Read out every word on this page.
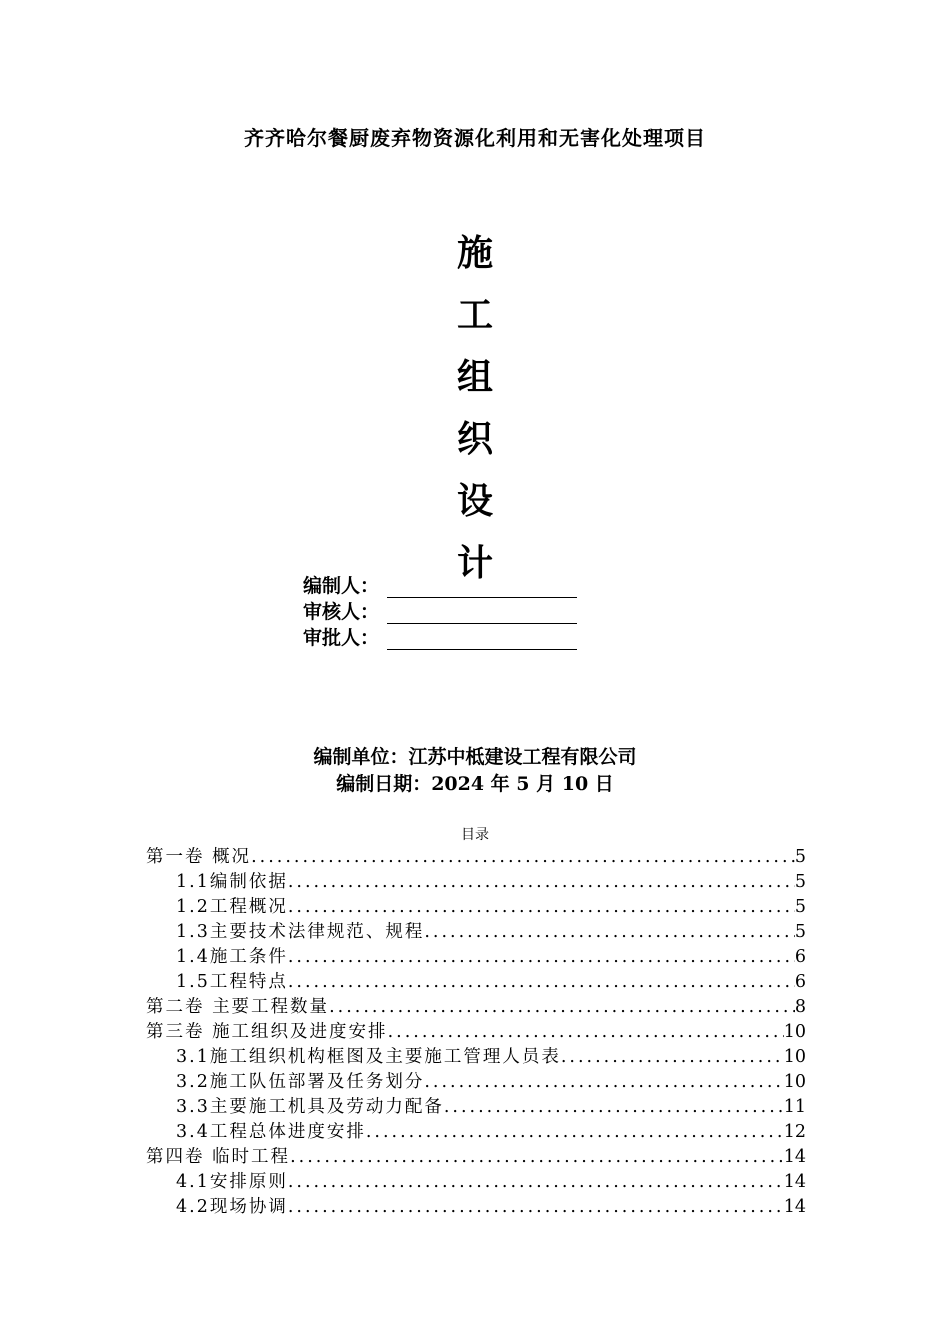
齐齐哈尔餐厨废弃物资源化利用和无害化处理项目
施
工
组
织
设
计
编制人：
审核人：
审批人：
编制单位：江苏中柢建设工程有限公司
编制日期：2024 年 5 月 10 日
目录
第一卷 概况 .....	5
1.1编制依据 .....	5
1.2工程概况 .....	5
1.3主要技术法律规范、规程 .....	5
1.4施工条件 .....	6
1.5工程特点 .....	6
第二卷 主要工程数量 .....	8
第三卷 施工组织及进度安排 .....	10
3.1施工组织机构框图及主要施工管理人员表 .....	10
3.2施工队伍部署及任务划分 .....	10
3.3主要施工机具及劳动力配备 .....	11
3.4工程总体进度安排 .....	12
第四卷 临时工程 .....	14
4.1安排原则 .....	14
4.2现场协调 .....	14
